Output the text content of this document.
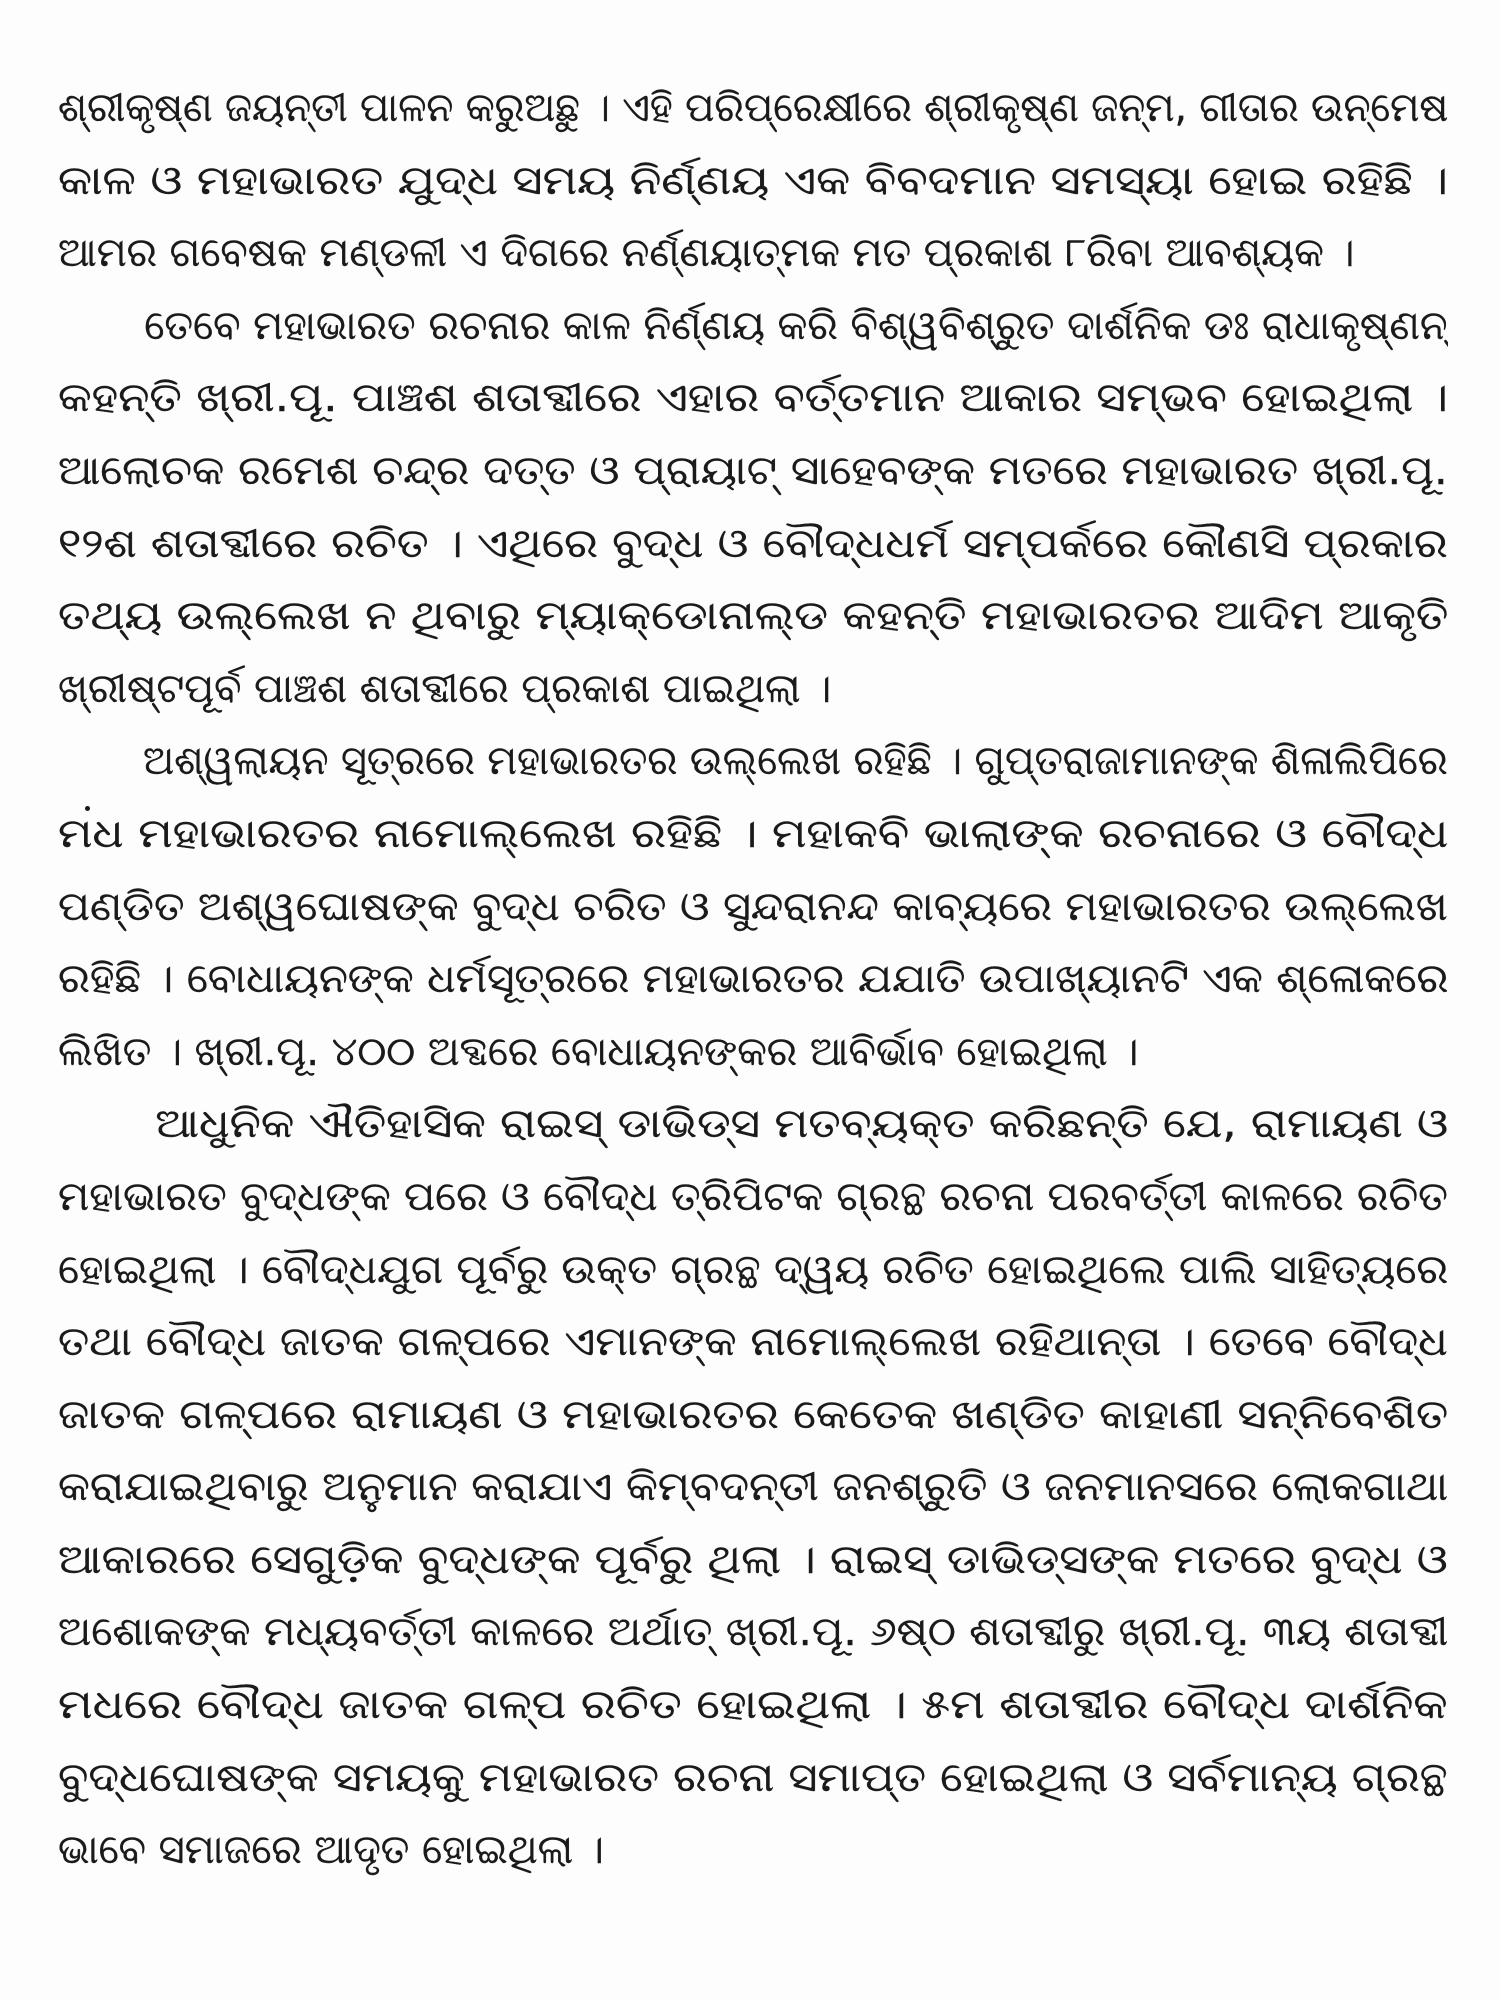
ଶ୍ରୀକୃଷ୍ଣ ଜୟନ୍ତୀ ପାଳନ କରୁଅଛୁ । ଏହି ପରିପ୍ରେକ୍ଷୀରେ ଶ୍ରୀକୃଷ୍ଣ ଜନ୍ମ, ଗୀତାର ଉନ୍ମେଷ
କାଳ ଓ ମହାଭାରତ ଯୁଦ୍ଧ ସମୟ ନିର୍ଣ୍ଣୟ ଏକ ବିବଦମାନ ସମସ୍ୟା ହୋଇ ରହିଛି ।
ଆମର ଗବେଷକ ମଣ୍ଡଳୀ ଏ ଦିଗରେ ନର୍ଣ୍ଣୟାତ୍ମକ ମତ ପ୍ରକାଶ ୮ରିବା ଆବଶ୍ୟକ ।
ତେବେ ମହାଭାରତ ରଚନାର କାଳ ନିର୍ଣ୍ଣୟ କରି ବିଶ୍ୱବିଶ୍ରୁତ ଦାର୍ଶନିକ ଡଃ ରାଧାକୃଷ୍ଣନ୍
କହନ୍ତି ଖ୍ରୀ.ପୂ. ପାଞ୍ଚଶ ଶତାବ୍ଦୀରେ ଏହାର ବର୍ତ୍ତମାନ ଆକାର ସମ୍ଭବ ହୋଇଥିଲା ।
ଆଲୋଚକ ରମେଶ ଚନ୍ଦ୍ର ଦତ୍ତ ଓ ପ୍ରାୟାଟ୍ ସାହେବଙ୍କ ମତରେ ମହାଭାରତ ଖ୍ରୀ.ପୂ.
୧୨ଶ ଶତାବ୍ଦୀରେ ରଚିତ । ଏଥିରେ ବୁଦ୍ଧ ଓ ବୌଦ୍ଧଧର୍ମ ସମ୍ପର୍କରେ କୌଣସି ପ୍ରକାର
ତଥ୍ୟ ଉଲ୍ଲେଖ ନ ଥିବାରୁ ମ୍ୟାକ୍‌ଡୋନାଲ୍ଡ କହନ୍ତି ମହାଭାରତର ଆଦିମ ଆକୃତି
ଖ୍ରୀଷ୍ଟପୂର୍ବ ପାଞ୍ଚଶ ଶତାବ୍ଦୀରେ ପ୍ରକାଶ ପାଇଥିଲା ।
ଅଶ୍ୱଲାୟନ ସୂତ୍ରରେ ମହାଭାରତର ଉଲ୍ଲେଖ ରହିଛି । ଗୁପ୍ତରାଜାମାନଙ୍କ ଶିଳାଲିପିରେ
ମଧ ମହାଭାରତର ନାମୋଲ୍ଲେଖ ରହିଛି । ମହାକବି ଭାଲାଙ୍କ ରଚନାରେ ଓ ବୌଦ୍ଧ
ପଣ୍ଡିତ ଅଶ୍ୱଘୋଷଙ୍କ ବୁଦ୍ଧ ଚରିତ ଓ ସୁନ୍ଦରାନନ୍ଦ କାବ୍ୟରେ ମହାଭାରତର ଉଲ୍ଲେଖ
ରହିଛି । ବୋଧାୟନଙ୍କ ଧର୍ମସୂତ୍ରରେ ମହାଭାରତର ଯଯାତି ଉପାଖ୍ୟାନଟି ଏକ ଶ୍ଳୋକରେ
ଲିଖିତ । ଖ୍ରୀ.ପୂ. ୪୦୦ ଅବ୍ଦରେ ବୋଧାୟନଙ୍କର ଆବିର୍ଭାବ ହୋଇଥିଲା ।
ଆଧୁନିକ ଐତିହାସିକ ରାଇସ୍ ଡାଭିଡ୍‌ସ ମତବ୍ୟକ୍ତ କରିଛନ୍ତି ଯେ, ରାମାୟଣ ଓ
ମହାଭାରତ ବୁଦ୍ଧଙ୍କ ପରେ ଓ ବୌଦ୍ଧ ତ୍ରିପିଟକ ଗ୍ରନ୍ଥ ରଚନା ପରବର୍ତ୍ତୀ କାଳରେ ରଚିତ
ହୋଇଥିଲା । ବୌଦ୍ଧଯୁଗ ପୂର୍ବରୁ ଉକ୍ତ ଗ୍ରନ୍ଥ ଦ୍ୱୟ ରଚିତ ହୋଇଥିଲେ ପାଲି ସାହିତ୍ୟରେ
ତଥା ବୌଦ୍ଧ ଜାତକ ଗଳ୍ପରେ ଏମାନଙ୍କ ନାମୋଲ୍ଲେଖ ରହିଥାନ୍ତା । ତେବେ ବୌଦ୍ଧ
ଜାତକ ଗଳ୍ପରେ ରାମାୟଣ ଓ ମହାଭାରତର କେତେକ ଖଣ୍ଡିତ କାହାଣୀ ସନ୍ନିବେଶିତ
କରାଯାଇଥିବାରୁ ଅନୁମାନ କରାଯାଏ କିମ୍ବଦନ୍ତୀ ଜନଶ୍ରୁତି ଓ ଜନମାନସରେ ଲୋକଗାଥା
ଆକାରରେ ସେଗୁଡ଼ିକ ବୁଦ୍ଧଙ୍କ ପୂର୍ବରୁ ଥିଲା । ରାଇସ୍ ଡାଭିଡ୍‌ସଙ୍କ ମତରେ ବୁଦ୍ଧ ଓ
ଅଶୋକଙ୍କ ମଧ୍ୟବର୍ତ୍ତୀ କାଳରେ ଅର୍ଥାତ୍ ଖ୍ରୀ.ପୂ. ୬ଷ୍ଠ ଶତାବ୍ଦୀରୁ ଖ୍ରୀ.ପୂ. ୩ୟ ଶତାବ୍ଦୀ
ମଧରେ ବୌଦ୍ଧ ଜାତକ ଗଳ୍ପ ରଚିତ ହୋଇଥିଲା । ୫ମ ଶତାବ୍ଦୀର ବୌଦ୍ଧ ଦାର୍ଶନିକ
ବୁଦ୍ଧଘୋଷଙ୍କ ସମୟକୁ ମହାଭାରତ ରଚନା ସମାପ୍ତ ହୋଇଥିଲା ଓ ସର୍ବମାନ୍ୟ ଗ୍ରନ୍ଥ
ଭାବେ ସମାଜରେ ଆଦୃତ ହୋଇଥିଲା ।
